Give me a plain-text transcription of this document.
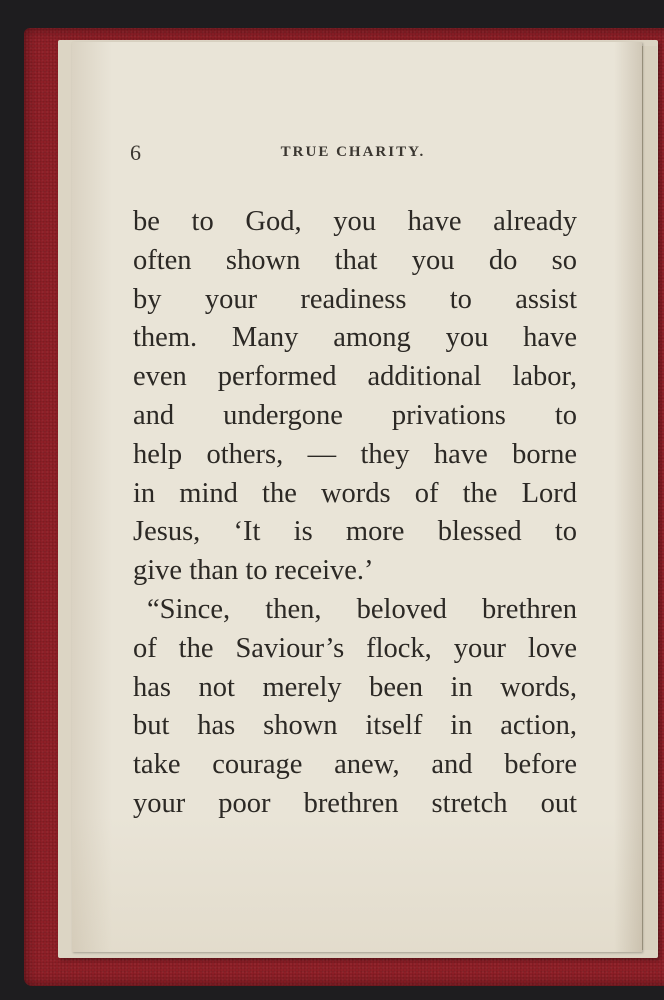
6	TRUE CHARITY.
be to God, you have already
often shown that you do so
by your readiness to assist
them. Many among you have
even performed additional labor,
and undergone privations to
help others, — they have borne
in mind the words of the Lord
Jesus, ‘It is more blessed to
give than to receive.’
“Since, then, beloved brethren
of the Saviour’s flock, your love
has not merely been in words,
but has shown itself in action,
take courage anew, and before
your poor brethren stretch out
